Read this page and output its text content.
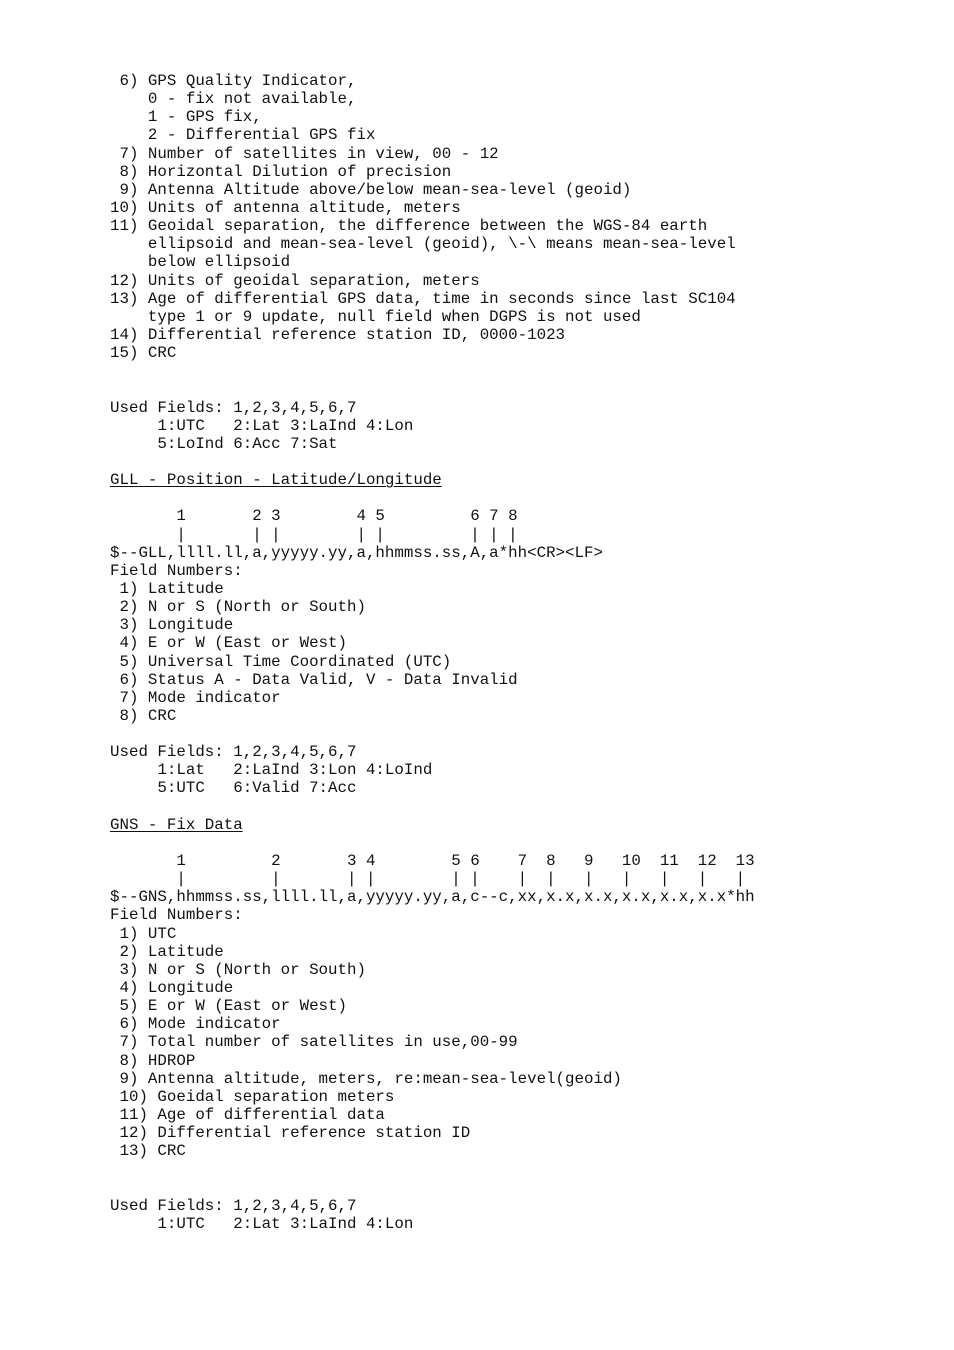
6) GPS Quality Indicator,
0 - fix not available,
1 - GPS fix,
2 - Differential GPS fix
7) Number of satellites in view, 00 - 12
8) Horizontal Dilution of precision
9) Antenna Altitude above/below mean-sea-level (geoid)
10) Units of antenna altitude, meters
11) Geoidal separation, the difference between the WGS-84 earth
ellipsoid and mean-sea-level (geoid), \-\ means mean-sea-level
below ellipsoid
12) Units of geoidal separation, meters
13) Age of differential GPS data, time in seconds since last SC104
type 1 or 9 update, null field when DGPS is not used
14) Differential reference station ID, 0000-1023
15) CRC
Used Fields: 1,2,3,4,5,6,7
1:UTC   2:Lat 3:LaInd 4:Lon
5:LoInd 6:Acc 7:Sat
GLL - Position - Latitude/Longitude
1       2 3        4 5         6 7 8
|       | |        | |         | | |
$--GLL,llll.ll,a,yyyyy.yy,a,hhmmss.ss,A,a*hh<CR><LF>
Field Numbers:
1) Latitude
2) N or S (North or South)
3) Longitude
4) E or W (East or West)
5) Universal Time Coordinated (UTC)
6) Status A - Data Valid, V - Data Invalid
7) Mode indicator
8) CRC
Used Fields: 1,2,3,4,5,6,7
1:Lat   2:LaInd 3:Lon 4:LoInd
5:UTC   6:Valid 7:Acc
GNS - Fix Data
1         2       3 4        5 6    7  8   9   10  11  12  13
|         |       | |        | |    |  |   |   |   |   |   |
$--GNS,hhmmss.ss,llll.ll,a,yyyyy.yy,a,c--c,xx,x.x,x.x,x.x,x.x,x.x*hh
Field Numbers:
1) UTC
2) Latitude
3) N or S (North or South)
4) Longitude
5) E or W (East or West)
6) Mode indicator
7) Total number of satellites in use,00-99
8) HDROP
9) Antenna altitude, meters, re:mean-sea-level(geoid)
10) Goeidal separation meters
11) Age of differential data
12) Differential reference station ID
13) CRC
Used Fields: 1,2,3,4,5,6,7
1:UTC   2:Lat 3:LaInd 4:Lon
